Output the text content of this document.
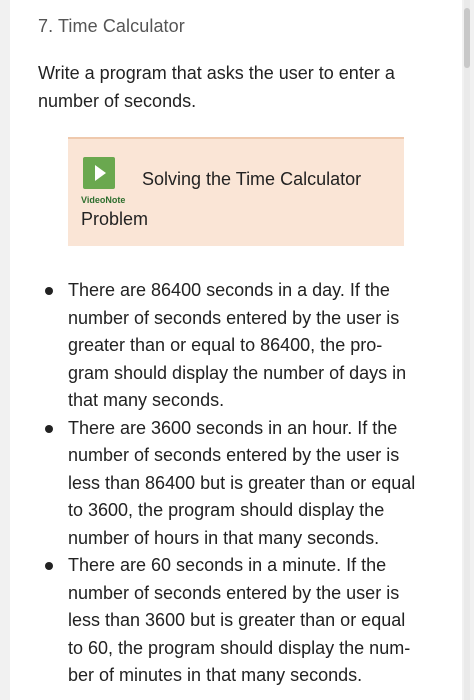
7. Time Calculator
Write a program that asks the user to enter a
number of seconds.
VideoNote
Solving the Time Calculator
Problem
There are 86400 seconds in a day. If the
number of seconds entered by the user is
greater than or equal to 86400, the pro-
gram should display the number of days in
that many seconds.
There are 3600 seconds in an hour. If the
number of seconds entered by the user is
less than 86400 but is greater than or equal
to 3600, the program should display the
number of hours in that many seconds.
There are 60 seconds in a minute. If the
number of seconds entered by the user is
less than 3600 but is greater than or equal
to 60, the program should display the num-
ber of minutes in that many seconds.
